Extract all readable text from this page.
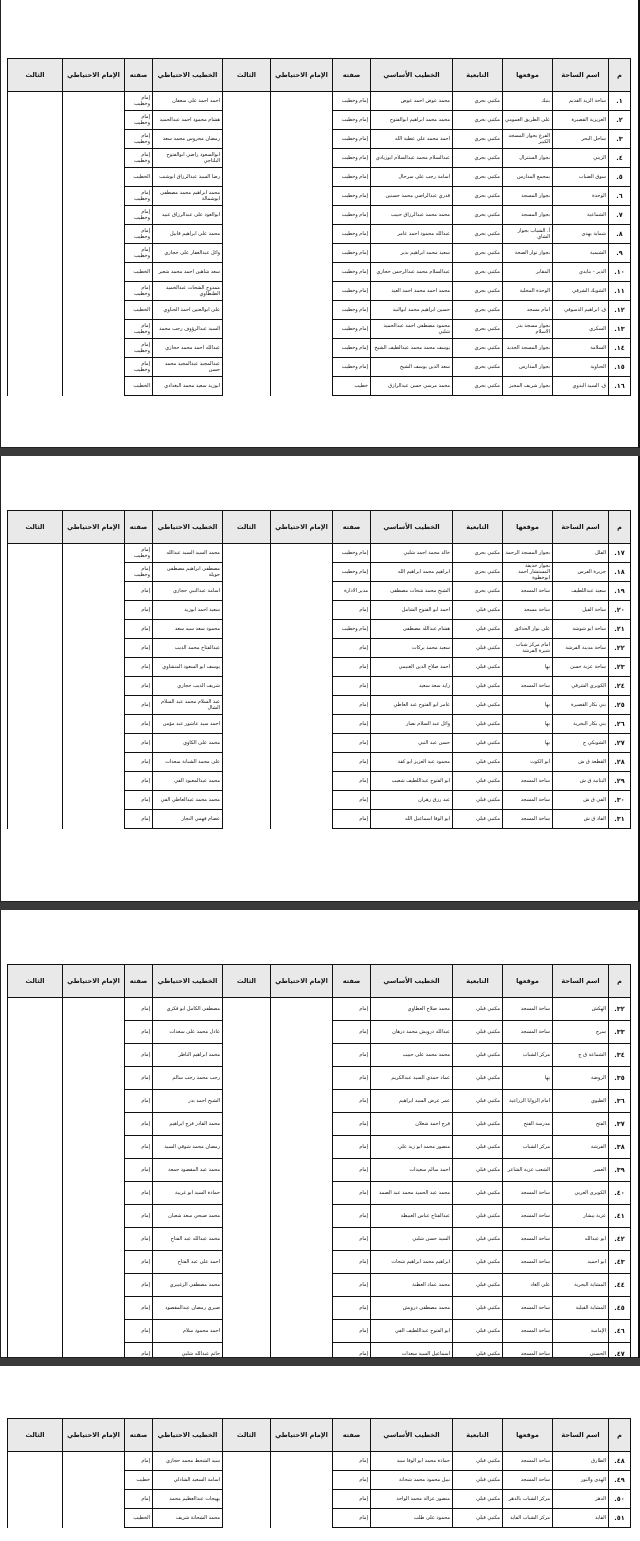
م	اسم الساحة	موقعها	التابعية	الخطيب الأساسي	صفته	الإمام الاحتياطي	الثالث	الخطيب الاحتياطي	صفته	الإمام الاحتياطي	الثالث
١.	ساحة الزيد القديم	بنيك	مكتبي بحري	محمد عوض احمد عوض	إمام وخطيب			احمد احمد على سعفان	إمام وخطيب		
٢.	العزيزية القصيرة	على الطريق العمومي	مكتبي بحري	محمد محمد ابراهيم ابوالفتوح	إمام وخطيب			هشام محمود احمد عبدالحميد	إمام وخطيب		
٣.	ساحل البحر	الفرع بجوار المسجد الكبير	مكتبي بحري	احمد محمد على عطية الله	إمام وخطيب			رمضان محروس محمد سعد	إمام وخطيب		
٤.	الزيني	بجوار السنترال	مكتبي بحري	عبدالسلام محمد عبدالسلام ابوزيادي	إمام وخطيب			ابوالسعود راضي ابوالفتوح البلتاجي	إمام وخطيب		
٥.	سوق الضباب	بمجمع المدارس	مكتبي بحري	اسامة رجب على سرحال	إمام وخطيب			رضا السيد عبدالرزاق ابوشنب	الخطيب		
٦.	الوحدة	بجوار المسجد	مكتبي بحري	قدري عبدالراضي محمد حسنين	إمام وخطيب			محمد ابراهيم محمد مصطفى ابوشمالة	إمام وخطيب		
٧.	الشماعية	بجوار المسجد	مكتبي بحري	محمد محمد عبدالرزاق حبيب	إمام وخطيب			ابوالعود على عبدالرزاق عبيد	إمام وخطيب		
٨.	شماية بهدى	أ. الشباب بجوار الشاي	مكتبي بحري	عبدالله محمود احمد عامر	إمام وخطيب			محمد على ابراهيم قابيل	إمام وخطيب		
٩.	الشيمية	بجوار نوار الصحة	مكتبي بحري	سعيد محمد ابراهيم بدير	إمام وخطيب			وائل عبدالغفار على حجازي	إمام وخطيب		
١٠.	الدير - بنايدي	المقابر	مكتبي بحري	عبدالسلام محمد عبدالرحمن حجازي	إمام وخطيب			سعد شاهين احمد محمد شعير	الخطيب		
١١.	الشوبك الشرقي	الوحدة المحلية	مكتبي بحري	محمد احمد محمد احمد العيد	إمام وخطيب			ممدوح الشحات عبدالحميد الطنطاوي	إمام وخطيب		
١٢.	ق. ابراهيم الدسوقي	امام مسجد	مكتبي بحري	حسين ابراهيم محمد ابوالنيد	إمام وخطيب			على ابوالعنين احمد الحناوي	الخطيب		
١٣.	السكري	بجوار مسجد بدر الاسلام	مكتبي بحري	محمود مصطفى احمد عبدالحميد شلبي	إمام وخطيب			السيد عبدالرؤوف رجب محمد	إمام وخطيب		
١٤.	السلامة	بجوار المسجد الجديد	مكتبي بحري	يوسف محمد محمد عبدالطيف الشيخ	إمام وخطيب			عبدالله احمد محمد حجازي	إمام وخطيب		
١٥.	الحناوية	بجوار المدارس	مكتبي بحري	سعد الدين يوسف الشيخ	إمام وخطيب			عبدالمجيد عبدالمجيد محمد حسن	إمام وخطيب		
١٦.	ق. السيد البدوي	بجوار شريف المخبز	مكتبي بحري	محمد مرسي حسن عبدالرازق	خطيب			ابوزيد سعيد محمد البغدادي	الخطيب		
م	اسم الساحة	موقعها	التابعية	الخطيب الأساسي	صفته	الإمام الاحتياطي	الثالث	الخطيب الاحتياطي	صفته	الإمام الاحتياطي	الثالث
١٧.	الفلل	بجوار المسجد الرحمة	مكتبي بحري	خالد محمد احمد شلبي	إمام وخطيب			محمد السيد السيد عبدالله	إمام وخطيب		
١٨.	جزيرة الفرس	بجوار حديقة المستشار احمد ابوخطوة	مكتبي بحري	ابراهيم محمد ابراهيم الله	إمام وخطيب			مصطفى ابراهيم مصطفى حويلة	إمام وخطيب		
١٩.	سعيد عبداللطيف	ساحة المسجد	مكتبي بحري	الشيخ محمد شحات مصطفى	مدير الادارة			اسامة عبدالنبي حجازي	إمام		
٢٠.	ساحة الفيل	ساحة مسجد	مكتبي قبلي	احمد ابو الفتوح الشامل	إمام			سعيد احمد ابوزيد	إمام		
٢١.	ساحة ابو شوشة	على نوار الحدائق	مكتبي قبلي	هشام عبدالله مصطفى	إمام وخطيب			محمود سعد سيد سعد	إمام		
٢٢.	ساحة مدينة الفرشة	امام مركز شباب شبرة الفرشة	مكتبي قبلي	سعيد محمد بركات	إمام			عبدالفتاح محمد الديب	إمام		
٢٣.	ساحة عزبة حسن	بها	مكتبي قبلي	احمد صلاح الدين الغنيمي	إمام			يوسف ابو السعود المنشاوي	إمام		
٢٤.	الكوبري الشرقي	ساحة المسجد	مكتبي قبلي	زايد سعد سعيد	إمام			شريف الديب حجازي	إمام		
٢٥.	بني بكار القصيرة	بها	مكتبي قبلي	عامر ابو الفتوح عبد العاطي	إمام			عبد السلام محمد عبد السلام الشال	إمام		
٢٦.	بني بكار البحرية	بها	مكتبي قبلي	وائل عبد السلام نصار	إمام			احمد سيد عاشور عبد مؤمن	إمام		
٢٧.	الشوبكي ج	بها	مكتبي قبلي	حسن عبد النبي	إمام			محمد على الكاوي	إمام		
٢٨.	القطعة ق ش	ابو الكوث	مكتبي قبلي	محمود عبد العزيز ابو كفة	إمام			على محمد الشبانة سعدات	إمام		
٢٩.	البتانية ق ش	ساحة المسجد	مكتبي قبلي	ابو الفتوح عبداللطيف شعيب	إمام			محمد عبدالمعبود الفي	إمام		
٣٠.	الفي ق ش	ساحة المسجد	مكتبي قبلي	عبد رزق زهران	إمام			محمد محمد عبدالعاطي الفي	إمام		
٣١.	الفاد ق ش	ساحة المسجد	مكتبي قبلي	ابو الوفا اسماعيل الله	إمام			عصام فهمي النجار	إمام		
م	اسم الساحة	موقعها	التابعية	الخطيب الأساسي	صفته	الإمام الاحتياطي	الثالث	الخطيب الاحتياطي	صفته	الإمام الاحتياطي	الثالث
٣٢.	الهكش	ساحة المسجد	مكتبي قبلي	محمد صلاح العطاوي	إمام			مصطفى الكامل ابو فكري	إمام		
٣٣.	سرج	ساحة المسجد	مكتبي قبلي	عبدالله درويش محمد درهان	إمام			عادل محمد على سعدات	إمام		
٣٤.	الشماعة ق ج	مركز الشباب	مكتبي قبلي	محمد محمد على حبيب	إمام			محمد ابراهيم الناظر	إمام		
٣٥.	الروضة	بها	مكتبي قبلي	عماد حمدي السيد عبدالكريم	إمام			رجب محمد رجب سالم	إمام		
٣٦.	الطيوي	امام الزوايا الزراعية	مكتبي قبلي	عمر عرض السيد ابراهيم	إمام			الشيخ احمد بدر	إمام		
٣٧.	الفتح	مدرسة الفتح	مكتبي قبلي	فرج احمد شعلان	إمام			محمد القادر فرج ابراهيم	إمام		
٣٨.	الفرشة	مركز الشباب	مكتبي قبلي	منصور محمد ابو زيد علي	إمام			رمضان محمد شوقي السيد	إمام		
٣٩.	العسر	الشعب عزبة الشاعر	مكتبي قبلي	احمد سالم سعيدات	إمام			محمد عبد المقصود جمعة	إمام		
٤٠.	الكوبرى الغربي	ساحة المسجد	مكتبي قبلي	محمد عبد الحميد محمد عبد الصمد	إمام			حمادة السيد ابو غريبة	إمام		
٤١.	عزبة بيشار	ساحة المسجد	مكتبي قبلي	عبدالفتاح عباس العبيطة	إمام			محمد صبحي سعد شعبان	إمام		
٤٢.	ابو عبدالله	ساحة المسجد	مكتبي قبلي	السيد حسن شلبي	إمام			محمد عبدالله عبد الفتاح	إمام		
٤٣.	ابو احميد	ساحة المسجد	مكتبي قبلي	ابراهيم محمد ابراهيم شحات	إمام			احمد على عبد الفتاح	إمام		
٤٤.	المشاية البحرية	على الغاد	مكتبي قبلي	محمد عماد العطنة	إمام			محمد مصطفى الزغبيري	إمام		
٤٥.	المشاية القبلية	ساحة المسجد	مكتبي قبلي	محمد مصطفى درويش	إمام			صبري رمضان عبدالمقصود	إمام		
٤٦.	الإمامية	ساحة المسجد	مكتبي قبلي	ابو الفتوح عبداللطيف الفي	إمام			احمد محمود سلام	إمام		
٤٧.	الحسنى	ساحة المسجد	مكتبي قبلي	اسماعيل السيد سعدات	إمام			حاتم عبدالله شلبي	إمام		
م	اسم الساحة	موقعها	التابعية	الخطيب الأساسي	صفته	الإمام الاحتياطي	الثالث	الخطيب الاحتياطي	صفته	الإمام الاحتياطي	الثالث
٤٨.	الطارق	ساحة المسجد	مكتبي قبلي	حمادة محمد ابو الوفا سيد	إمام			سيد الشحط محمد حجازي	إمام		
٤٩.	الهدى والنور	ساحة المسجد	مكتبي قبلي	نبيل محمود محمد شحاتة	إمام			اسامة السعيد الشاذلي	خطيب		
٥٠.	الدهر	مركز الشباب بالدهر	مكتبي قبلي	منصور عزالة محمد الواحد	إمام			بهيجات عبدالعظيم محمد	إمام		
٥١.	الفايد	مركز الشباب الفايد	مكتبي قبلي	محمود على طلب	إمام			محمد الشحاتة شريف	الخطيب		
